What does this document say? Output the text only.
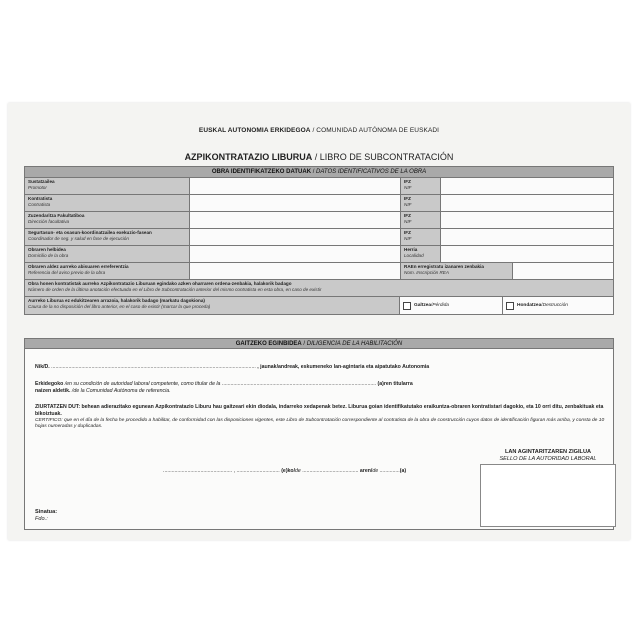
EUSKAL AUTONOMIA ERKIDEGOA / COMUNIDAD AUTÓNOMA DE EUSKADI
AZPIKONTRATAZIO LIBURUA / LIBRO DE SUBCONTRATACIÓN
OBRA IDENTIFIKATZEKO DATUAK / DATOS IDENTIFICATIVOS DE LA OBRA
Sustatzailea
Promotor
IFZ
NIF
Kontratista
Contratista
IFZ
NIF
Zuzendaritza Fakultatiboa
Dirección facultativa
IFZ
NIF
Segurtasun- eta osasun-koordinatzailea exekuzio-fasean
Coordinador de seg. y salud en fase de ejecución
IFZ
NIF
Obraren helbidea
Domicilio de la obra
Herria
Localidad
Obraren aldez aurreko abisuaren erreferentzia
Referencia del aviso previo de la obra
RAEn erregistratu izanaren zenbakia
Nom. Inscripción REA
Obra honen kontratistak aurreko Azpikontratazio Liburuan egindako azken oharraren ordena-zenbakia, halakorik badago
Número de orden de la última anotación efectuada en el Libro de Subcontratación anterior del mismo contratista en esta obra, en caso de existir
Aurreko Liburua ez edukitzearen arrazoia, halakorik badago (markatu dagokiona)
Causa de la no disposición del libro anterior, en el caso de existir (marcar la que proceda)	Galtzea / Pérdida	Hondatzea / Destrucción
GAITZEKO EGINBIDEA / DILIGENCIA DE LA HABILITACIÓN
Nik/D. .............................................................................................................................................. , jaunak/andreak, eskumeneko lan-agintaria eta aipatutako Autonomia
Erkidegoko /en su condición de autoridad laboral competente, como titular de la ........................................................................................................... (a)ren titularra
naizen aldetik. /de la Comunidad Autónoma de referencia.
ZIURTATZEN DUT: behean adierazitako egunean Azpikontratazio Liburu hau gaitzeari ekin diodala, indarreko xedapenak betez. Liburua goian identifikatutako eraikuntza-obraren kontratistari dagokio, eta 10 orri ditu, zenbakituak eta bikoiztuak.
CERTIFICO: que en el día de la fecha he procedido a habilitar, de conformidad con las disposiciones vigentes, este Libro de Subcontratación correspondiente al contratista de la obra de construcción cuyos datos de identificación figuran más arriba, y consta de 10 hojas numeradas y duplicadas.
................................................ , .............................. (e)ko/de ....................................... aren/de ..............(a)
LAN AGINTARITZAREN ZIGILUA
SELLO DE LA AUTORIDAD LABORAL
Sinatua:
Fdo.:
